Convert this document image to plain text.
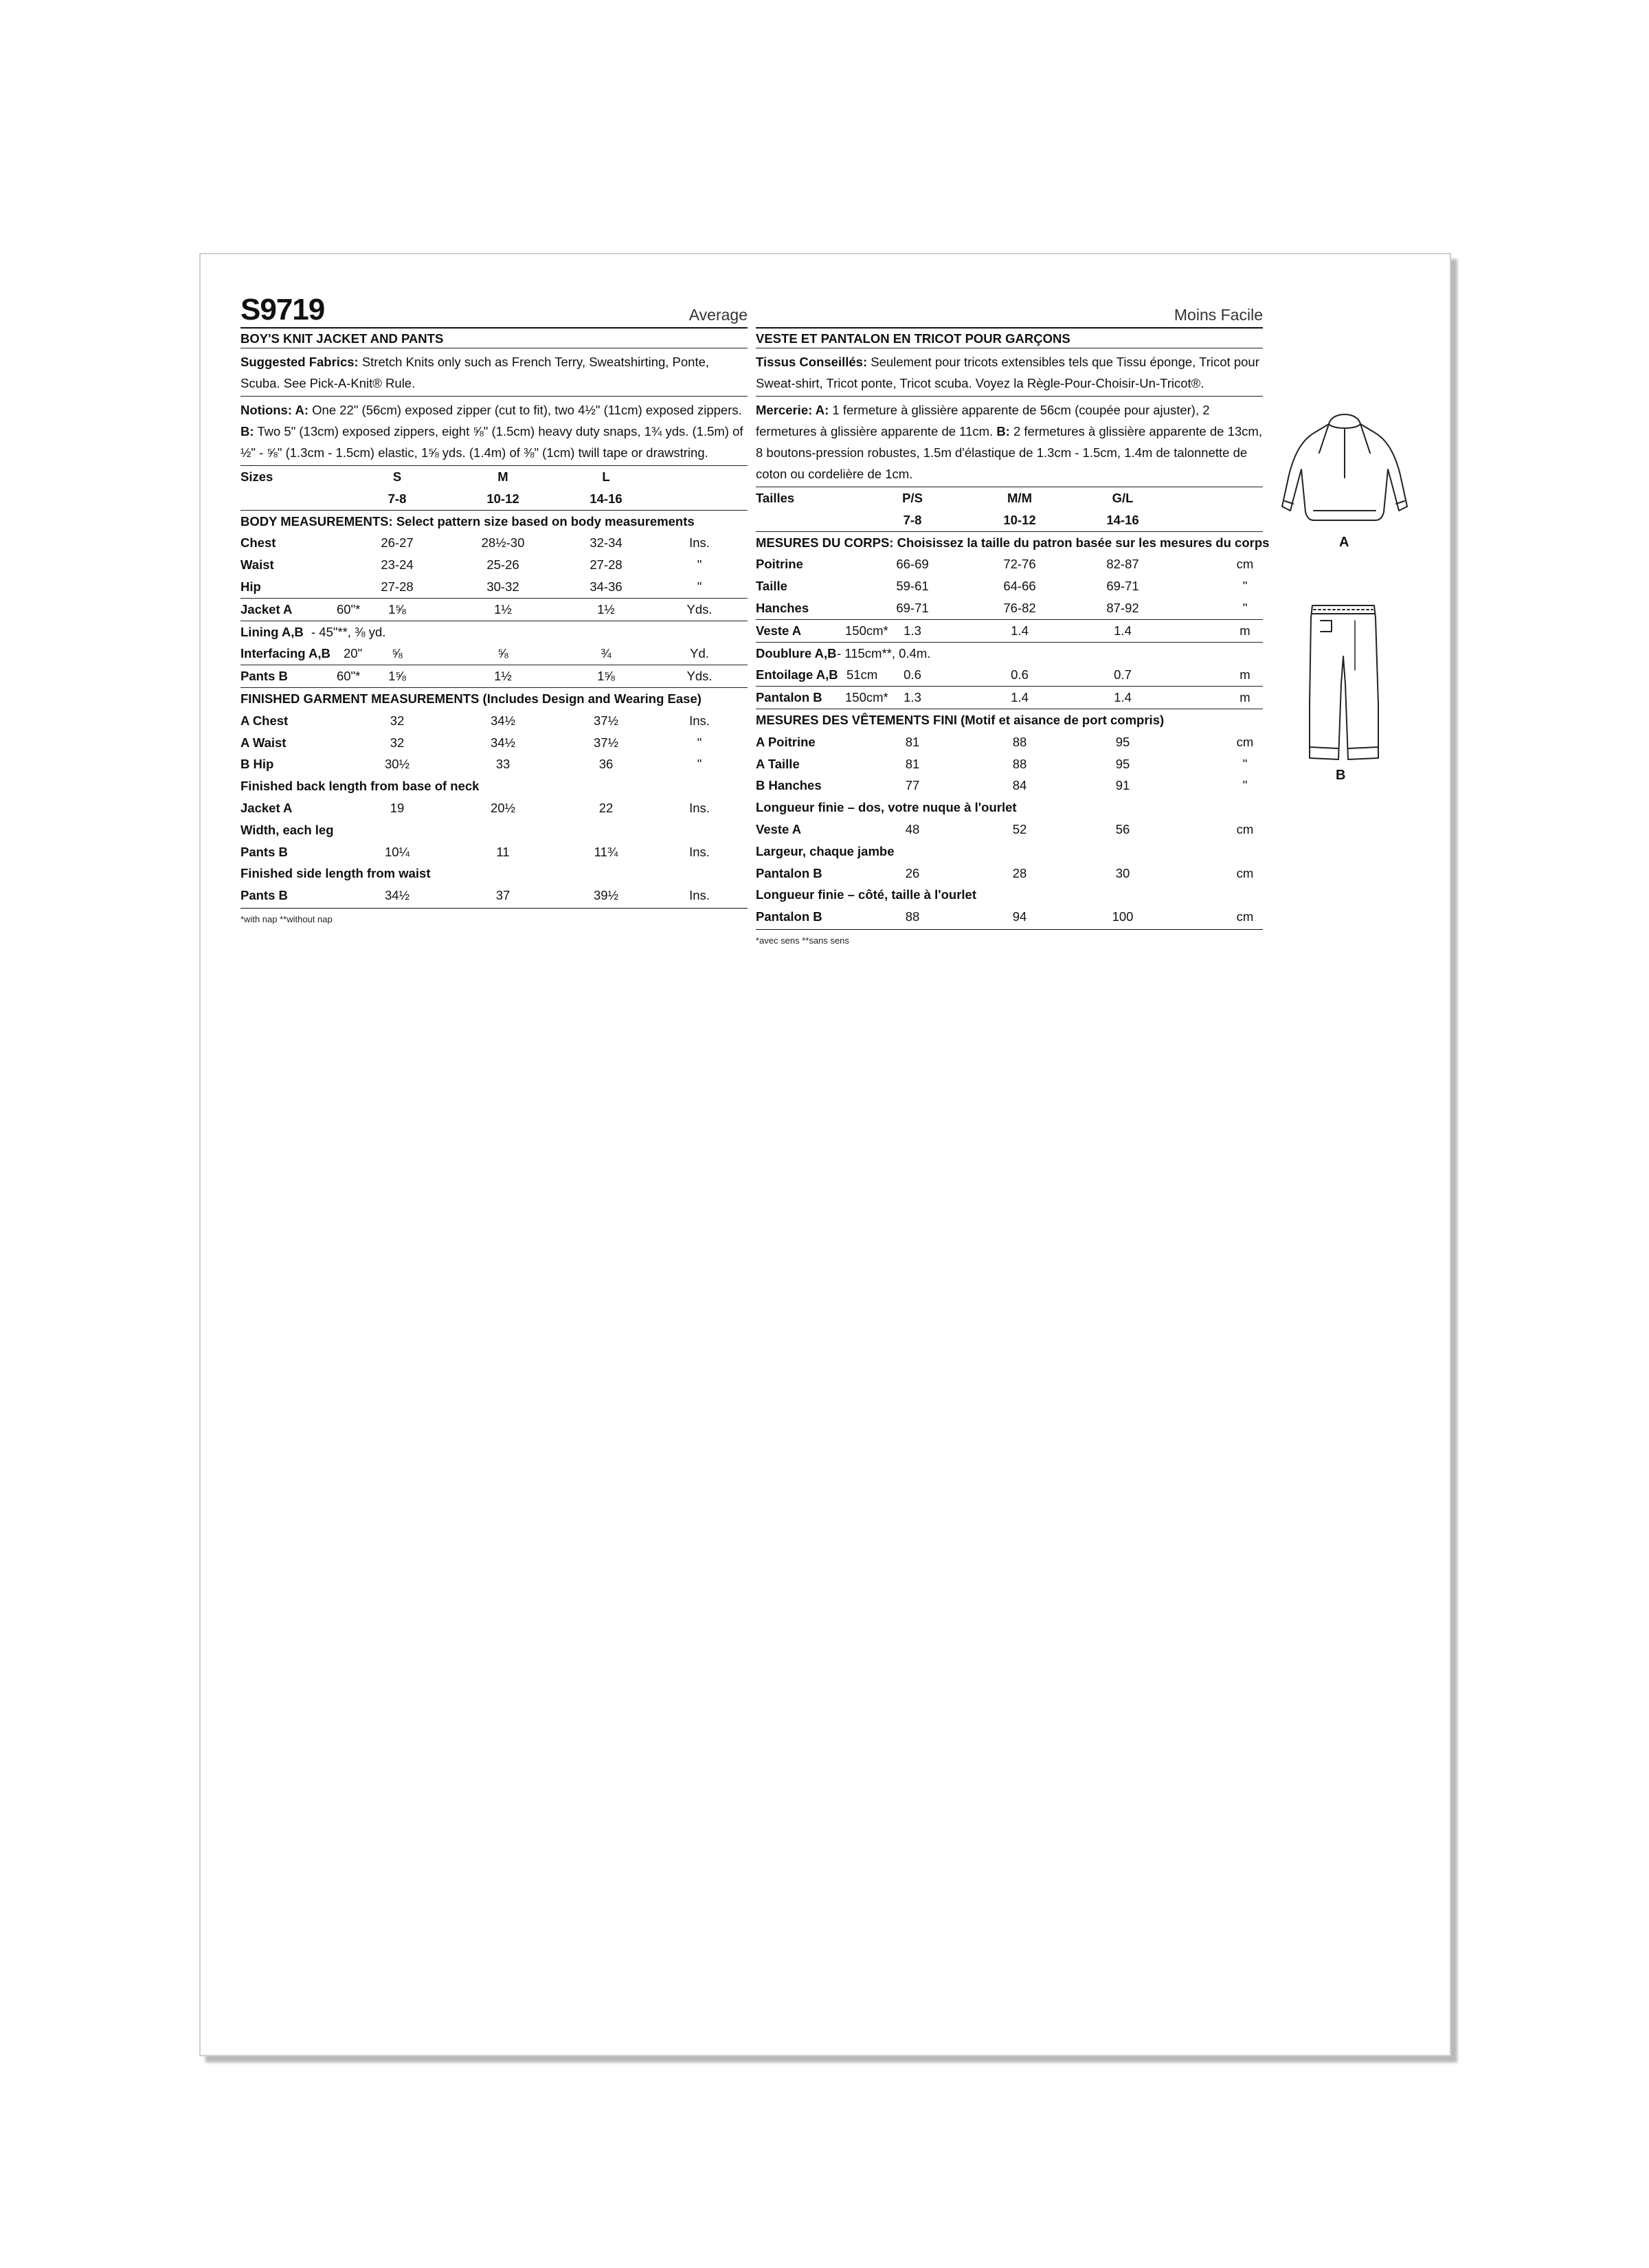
S9719	Average
BOY'S KNIT JACKET AND PANTS
Suggested Fabrics: Stretch Knits only such as French Terry, Sweatshirting, Ponte, Scuba. See Pick-A-Knit® Rule.
Notions: A: One 22" (56cm) exposed zipper (cut to fit), two 4½" (11cm) exposed zippers. B: Two 5" (13cm) exposed zippers, eight ⅝" (1.5cm) heavy duty snaps, 1¾ yds. (1.5m) of ½" - ⅝" (1.3cm - 1.5cm) elastic, 1⅝ yds. (1.4m) of ⅜" (1cm) twill tape or drawstring.
Sizes	S	M	L
7-8	10-12	14-16
BODY MEASUREMENTS: Select pattern size based on body measurements
Chest	26-27	28½-30	32-34	Ins.
Waist	23-24	25-26	27-28	"
Hip	27-28	30-32	34-36	"
Jacket A	60"* 1⅝	1½	1½	Yds.
Lining A,B - 45"**, ⅜ yd.
Interfacing A,B 20" ⅝	⅝	¾	Yd.
Pants B	60"* 1⅝	1½	1⅝	Yds.
FINISHED GARMENT MEASUREMENTS (Includes Design and Wearing Ease)
A Chest	32	34½	37½	Ins.
A Waist	32	34½	37½	"
B Hip	30½	33	36	"
Finished back length from base of neck
Jacket A	19	20½	22	Ins.
Width, each leg
Pants B	10¼	11	11¾	Ins.
Finished side length from waist
Pants B	34½	37	39½	Ins.
*with nap **without nap
Moins Facile
VESTE ET PANTALON EN TRICOT POUR GARÇONS
Tissus Conseillés: Seulement pour tricots extensibles tels que Tissu éponge, Tricot pour Sweat-shirt, Tricot ponte, Tricot scuba. Voyez la Règle-Pour-Choisir-Un-Tricot®.
Mercerie: A: 1 fermeture à glissière apparente de 56cm (coupée pour ajuster), 2 fermetures à glissière apparente de 11cm. B: 2 fermetures à glissière apparente de 13cm, 8 boutons-pression robustes, 1.5m d'élastique de 1.3cm - 1.5cm, 1.4m de talonnette de coton ou cordelière de 1cm.
Tailles	P/S	M/M	G/L
7-8	10-12	14-16
MESURES DU CORPS: Choisissez la taille du patron basée sur les mesures du corps
Poitrine	66-69	72-76	82-87	cm
Taille	59-61	64-66	69-71	"
Hanches	69-71	76-82	87-92	"
Veste A	150cm* 1.3	1.4	1.4	m
Doublure A,B - 115cm**, 0.4m.
Entoilage A,B 51cm 0.6	0.6	0.7	m
Pantalon B 150cm* 1.3	1.4	1.4	m
MESURES DES VÊTEMENTS FINI (Motif et aisance de port compris)
A Poitrine	81	88	95	cm
A Taille	81	88	95	"
B Hanches	77	84	91	"
Longueur finie – dos, votre nuque à l'ourlet
Veste A	48	52	56	cm
Largeur, chaque jambe
Pantalon B	26	28	30	cm
Longueur finie – côté, taille à l'ourlet
Pantalon B	88	94	100	cm
*avec sens **sans sens
A
B
